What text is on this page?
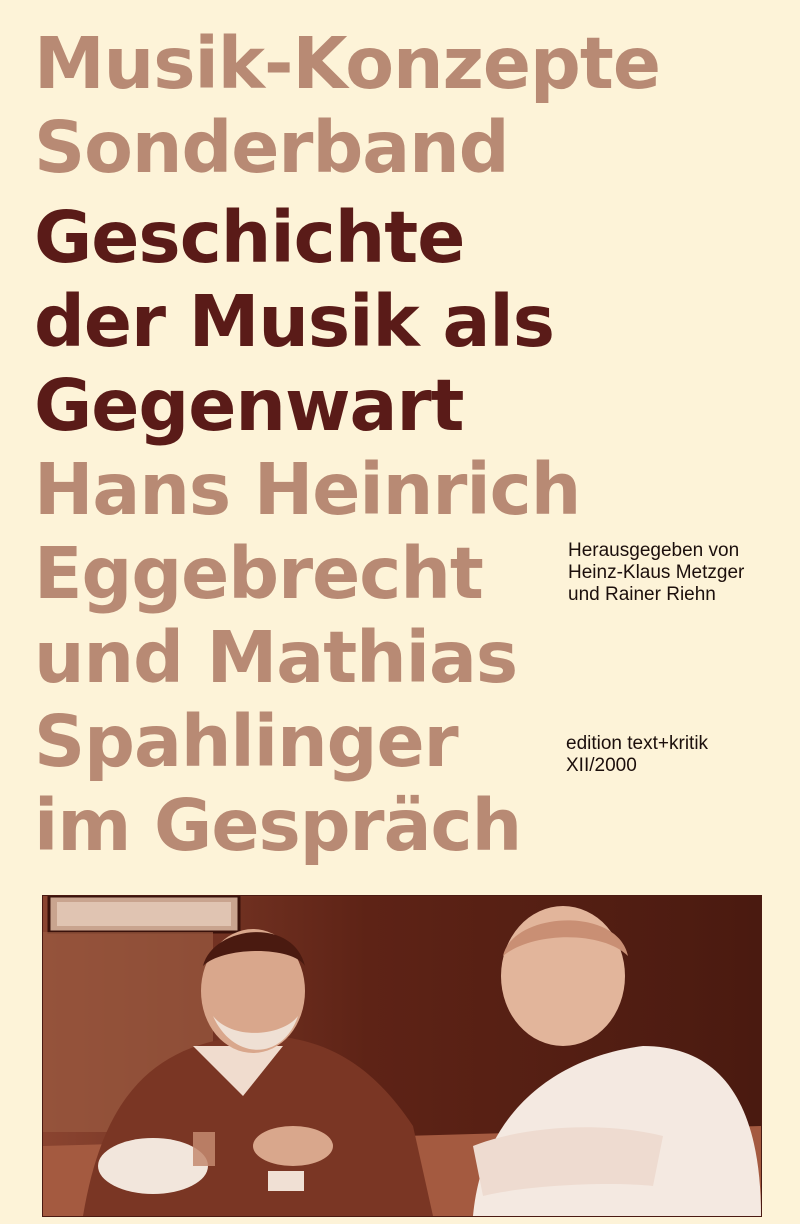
Musik-Konzepte

Sonderband

Geschichte

der Musik als

Gegenwart

Hans Heinrich

Eggebrecht

und Mathias

Spahlinger

im Gespräch

Herausgegeben von

Heinz-Klaus Metzger

und Rainer Riehn

edition text+kritik

XII/2000
